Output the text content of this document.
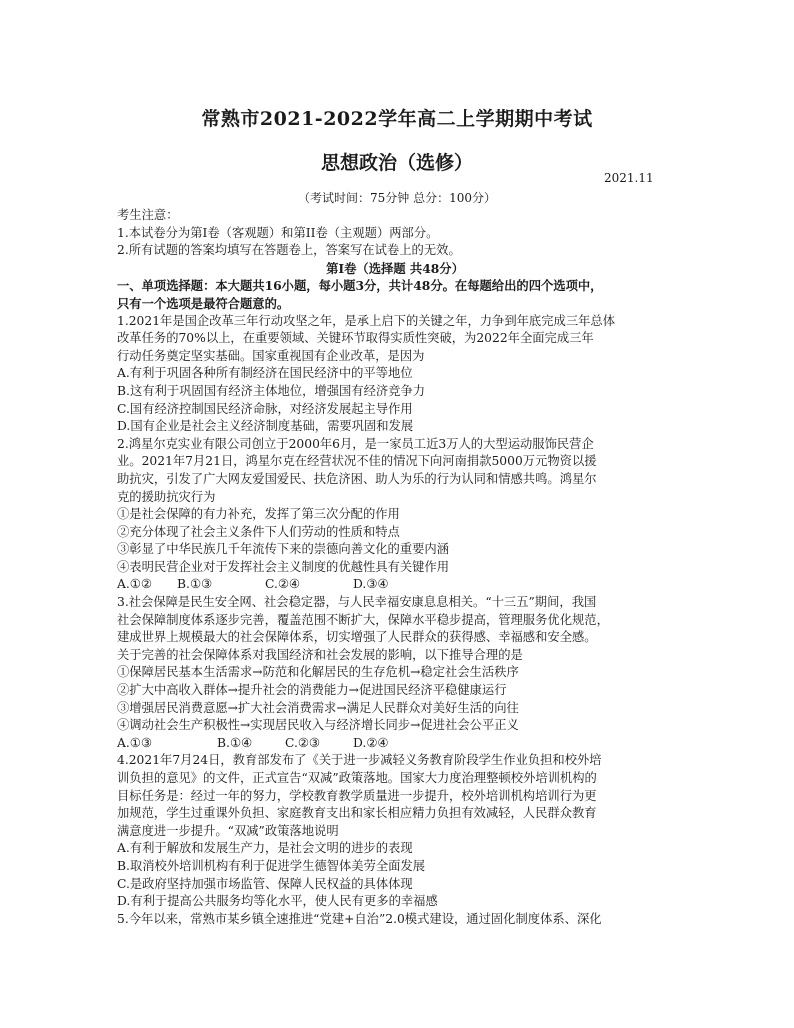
常熟市2021-2022学年高二上学期期中考试
思想政治（选修）
2021.11
（考试时间：75分钟 总分：100分）
考生注意：
1.本试卷分为第I卷（客观题）和第II卷（主观题）两部分。
2.所有试题的答案均填写在答题卷上，答案写在试卷上的无效。
第I卷（选择题 共48分）
一、单项选择题：本大题共16小题，每小题3分，共计48分。在每题给出的四个选项中，
只有一个选项是最符合题意的。
1.2021年是国企改革三年行动攻坚之年，是承上启下的关键之年，力争到年底完成三年总体
改革任务的70%以上，在重要领域、关键环节取得实质性突破，为2022年全面完成三年
行动任务奠定坚实基础。国家重视国有企业改革，是因为
A.有利于巩固各种所有制经济在国民经济中的平等地位
B.这有利于巩固国有经济主体地位，增强国有经济竞争力
C.国有经济控制国民经济命脉，对经济发展起主导作用
D.国有企业是社会主义经济制度基础，需要巩固和发展
2.鸿星尔克实业有限公司创立于2000年6月，是一家员工近3万人的大型运动服饰民营企
业。2021年7月21日，鸿星尔克在经营状况不佳的情况下向河南捐款5000万元物资以援
助抗灾，引发了广大网友爱国爱民、扶危济困、助人为乐的行为认同和情感共鸣。鸿星尔
克的援助抗灾行为
①是社会保障的有力补充，发挥了第三次分配的作用
②充分体现了社会主义条件下人们劳动的性质和特点
③彰显了中华民族几千年流传下来的崇德向善文化的重要内涵
④表明民营企业对于发挥社会主义制度的优越性具有关键作用
A.①② B.①③	C.②④	D.③④
3.社会保障是民生安全网、社会稳定器，与人民幸福安康息息相关。“十三五”期间，我国
社会保障制度体系逐步完善，覆盖范围不断扩大，保障水平稳步提高，管理服务优化规范，
建成世界上规模最大的社会保障体系，切实增强了人民群众的获得感、幸福感和安全感。
关于完善的社会保障体系对我国经济和社会发展的影响，以下推导合理的是
①保障居民基本生活需求→防范和化解居民的生存危机→稳定社会生活秩序
②扩大中高收入群体→提升社会的消费能力→促进国民经济平稳健康运行
③增强居民消费意愿→扩大社会消费需求→满足人民群众对美好生活的向往
④调动社会生产积极性→实现居民收入与经济增长同步→促进社会公平正义
A.①③	B.①④	C.②③	D.②④
4.2021年7月24日，教育部发布了《关于进一步减轻义务教育阶段学生作业负担和校外培
训负担的意见》的文件，正式宣告“双减”政策落地。国家大力度治理整顿校外培训机构的
目标任务是：经过一年的努力，学校教育教学质量进一步提升，校外培训机构培训行为更
加规范，学生过重课外负担、家庭教育支出和家长相应精力负担有效减轻，人民群众教育
满意度进一步提升。“双减”政策落地说明
A.有利于解放和发展生产力，是社会文明的进步的表现
B.取消校外培训机构有利于促进学生德智体美劳全面发展
C.是政府坚持加强市场监管、保障人民权益的具体体现
D.有利于提高公共服务均等化水平，使人民有更多的幸福感
5.今年以来，常熟市某乡镇全速推进“党建+自治”2.0模式建设，通过固化制度体系、深化
